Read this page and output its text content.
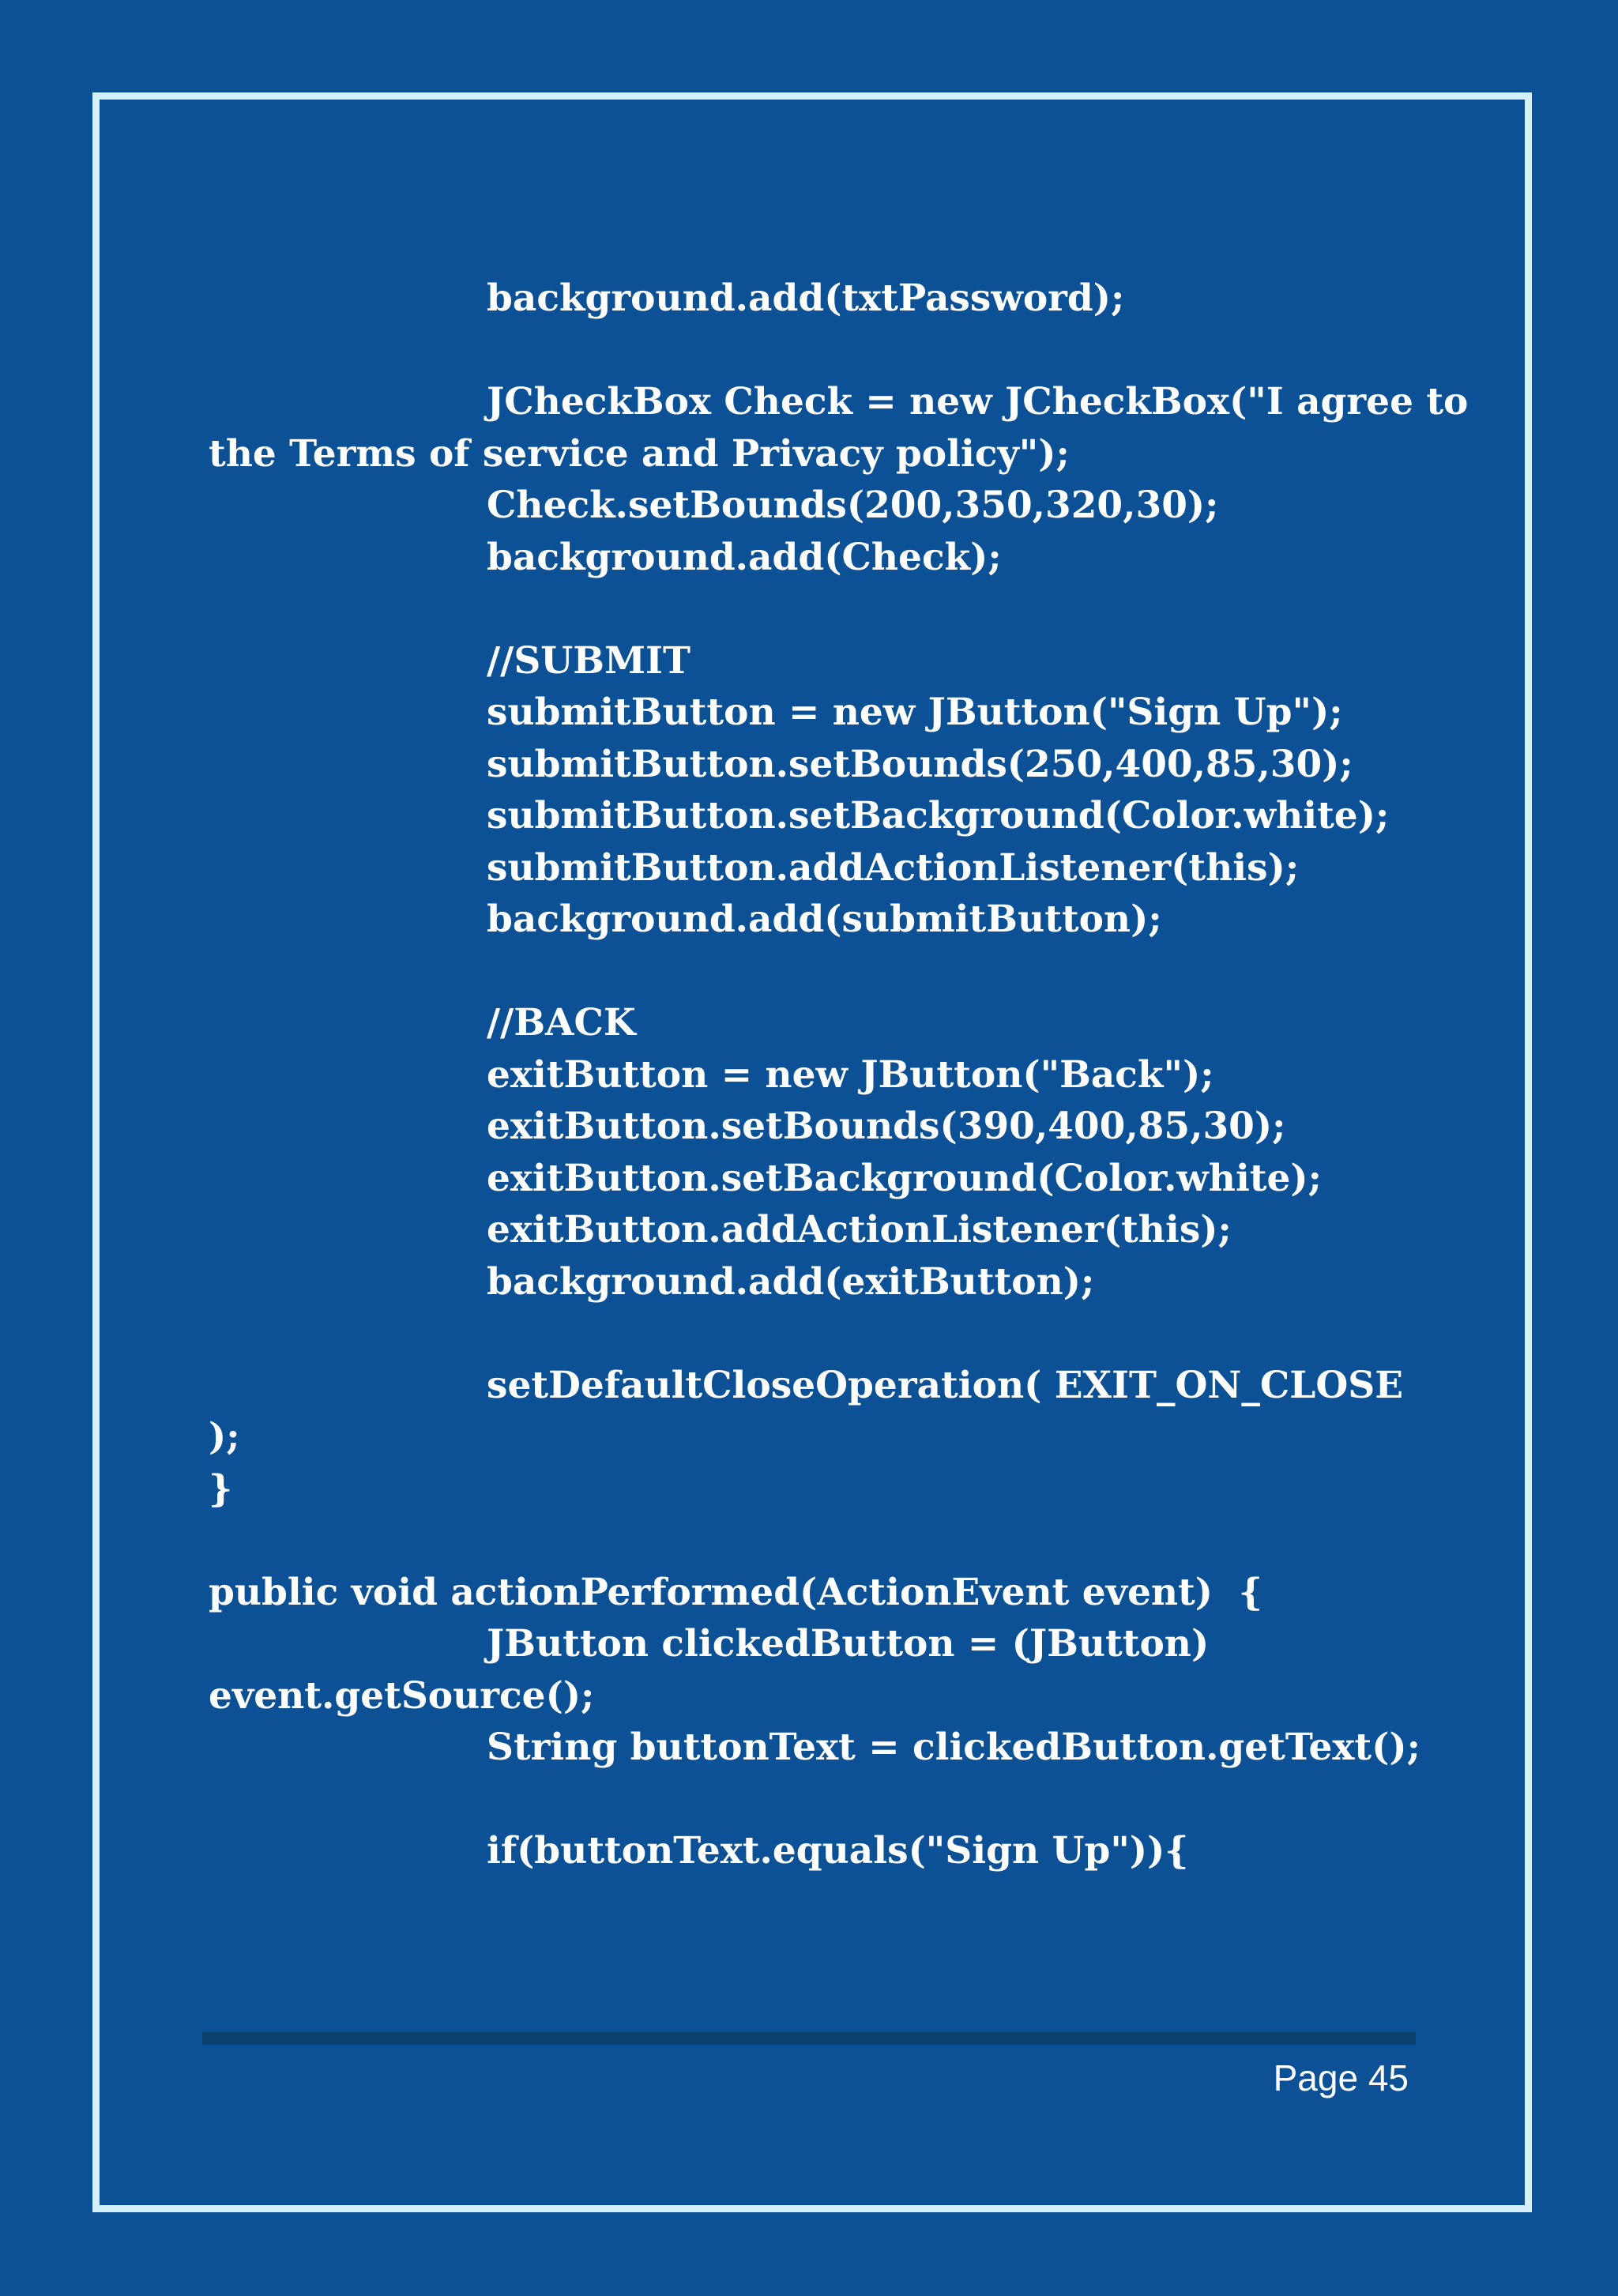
background.add(txtPassword);
JCheckBox Check = new JCheckBox("I agree to
the Terms of service and Privacy policy");
Check.setBounds(200,350,320,30);
background.add(Check);
//SUBMIT
submitButton = new JButton("Sign Up");
submitButton.setBounds(250,400,85,30);
submitButton.setBackground(Color.white);
submitButton.addActionListener(this);
background.add(submitButton);
//BACK
exitButton = new JButton("Back");
exitButton.setBounds(390,400,85,30);
exitButton.setBackground(Color.white);
exitButton.addActionListener(this);
background.add(exitButton);
setDefaultCloseOperation( EXIT_ON_CLOSE
);
}
public void actionPerformed(ActionEvent event)  {
JButton clickedButton = (JButton)
event.getSource();
String buttonText = clickedButton.getText();
if(buttonText.equals("Sign Up")){
Page 45
